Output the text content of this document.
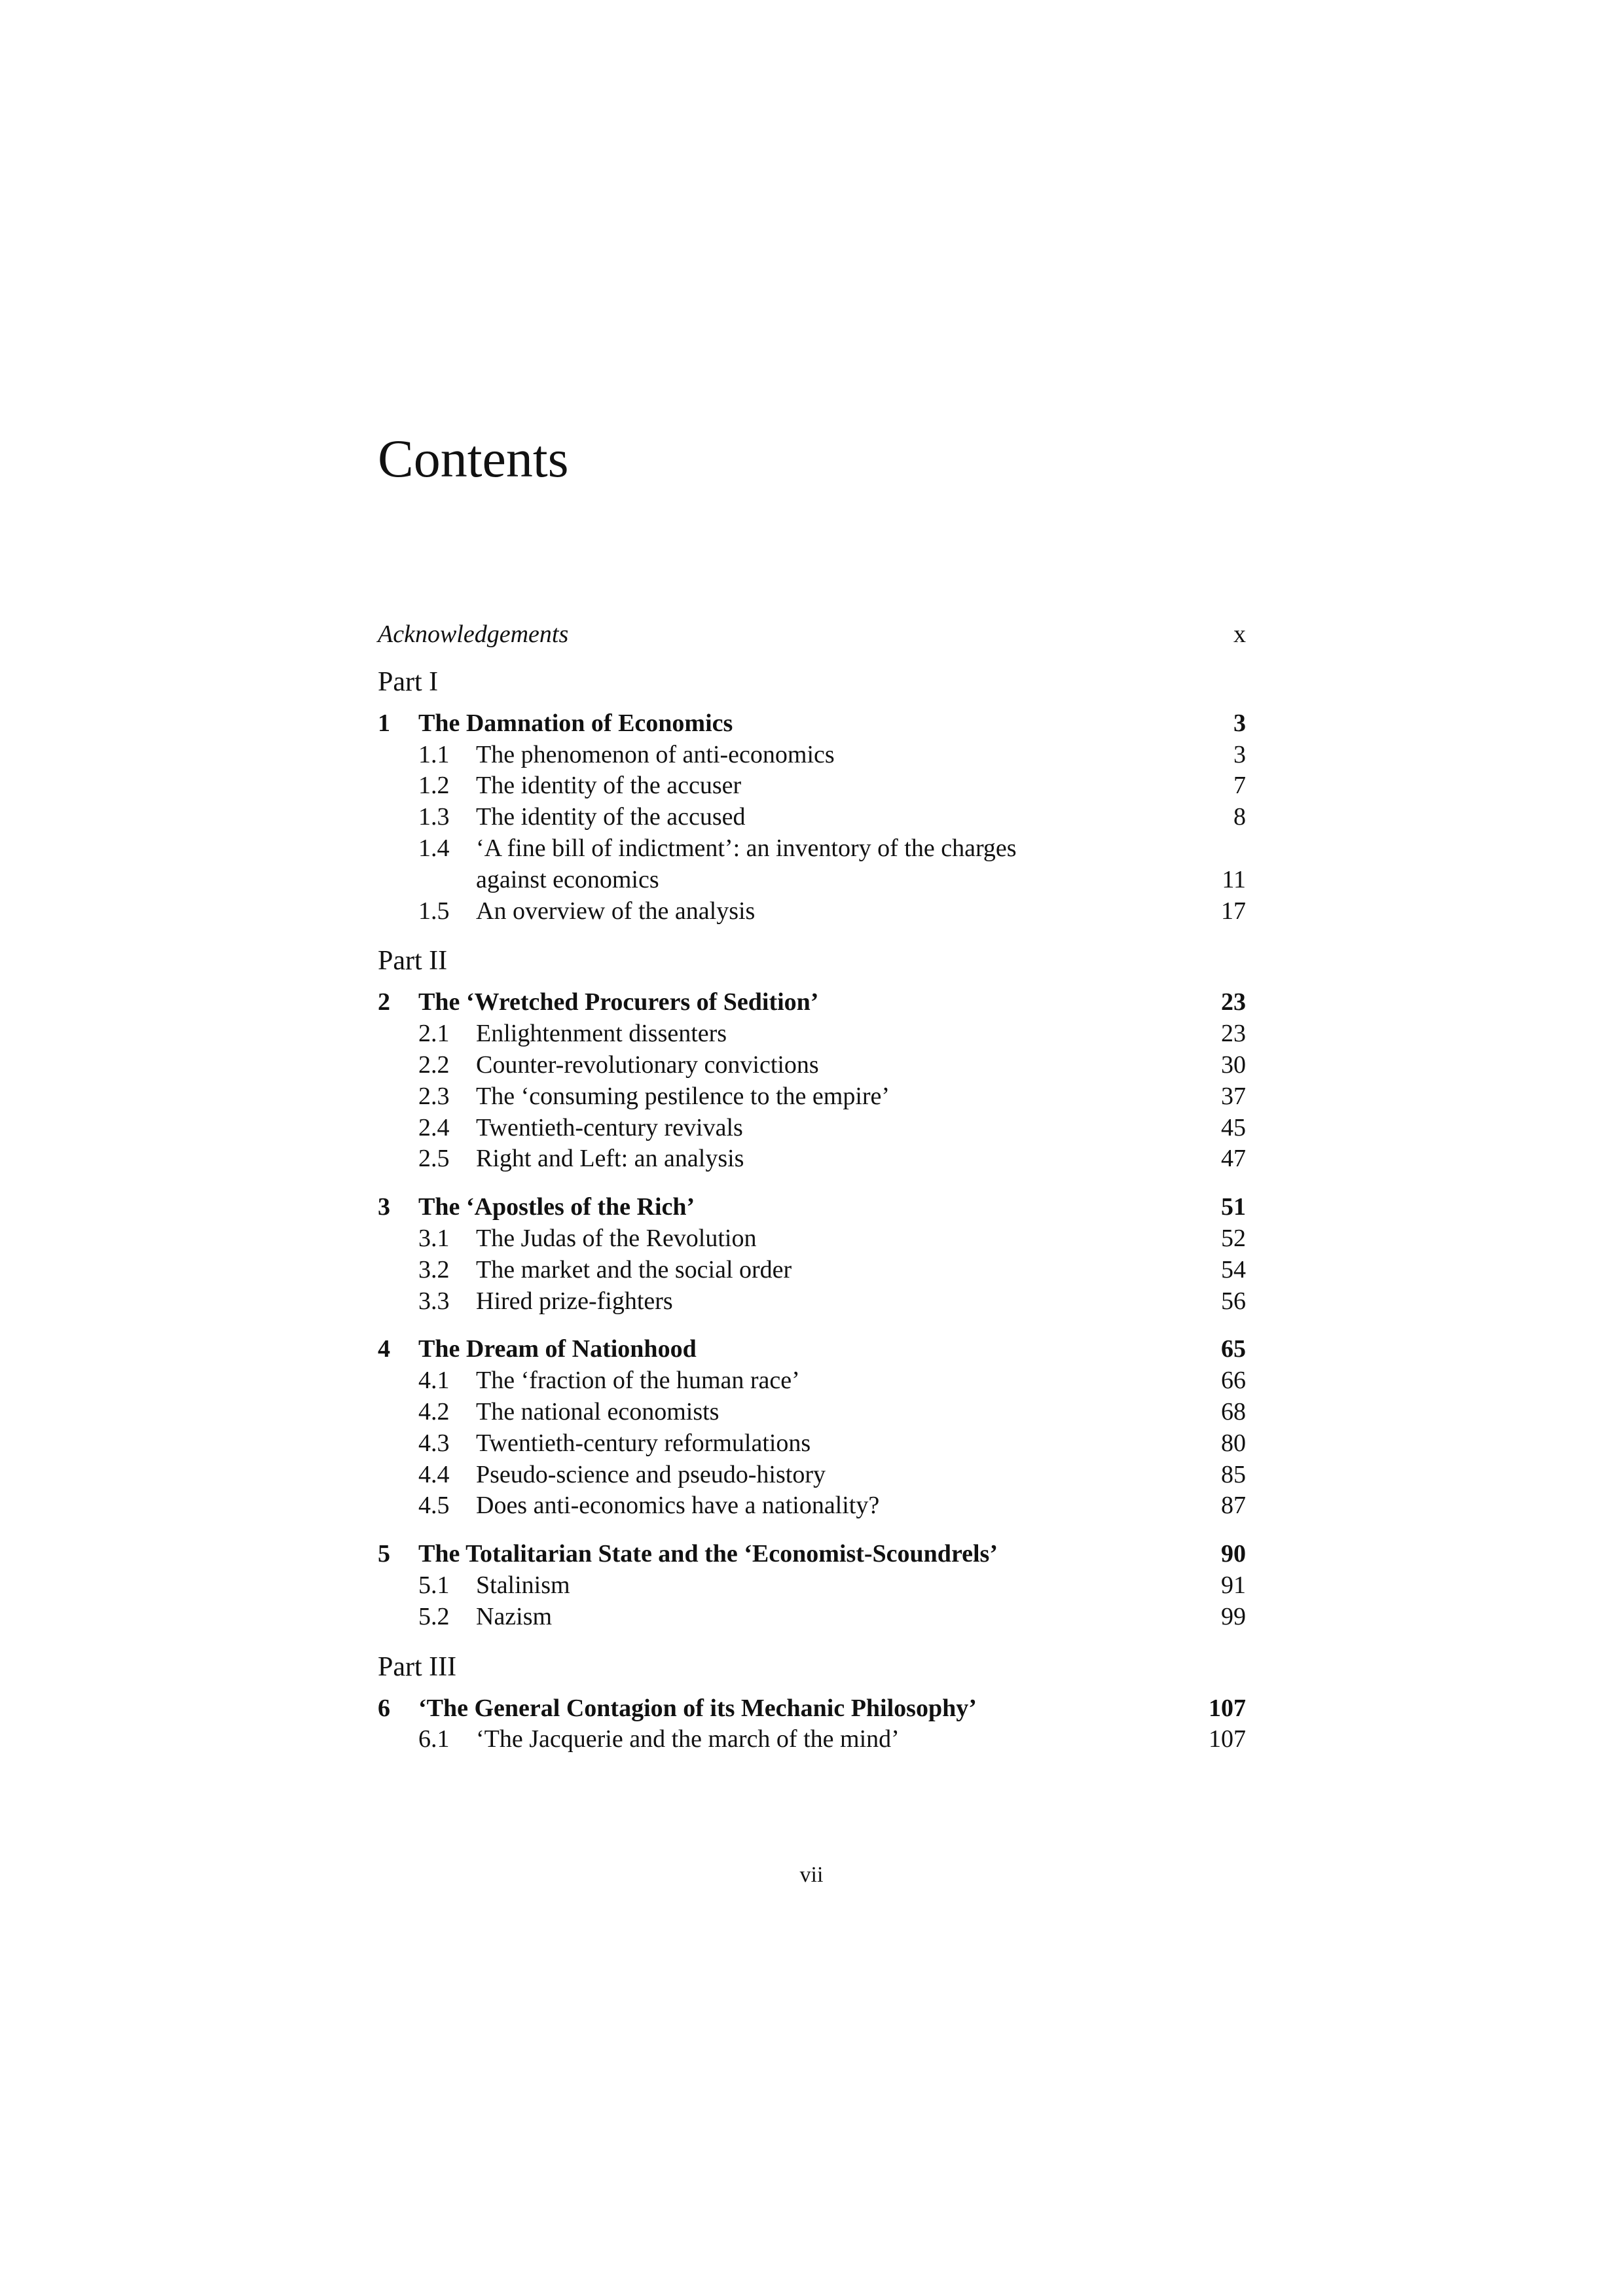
Contents
Acknowledgements	x
Part I
1 The Damnation of Economics	3
1.1 The phenomenon of anti-economics	3
1.2 The identity of the accuser	7
1.3 The identity of the accused	8
1.4 ‘A fine bill of indictment’: an inventory of the charges against economics	11
1.5 An overview of the analysis	17
Part II
2 The ‘Wretched Procurers of Sedition’	23
2.1 Enlightenment dissenters	23
2.2 Counter-revolutionary convictions	30
2.3 The ‘consuming pestilence to the empire’	37
2.4 Twentieth-century revivals	45
2.5 Right and Left: an analysis	47
3 The ‘Apostles of the Rich’	51
3.1 The Judas of the Revolution	52
3.2 The market and the social order	54
3.3 Hired prize-fighters	56
4 The Dream of Nationhood	65
4.1 The ‘fraction of the human race’	66
4.2 The national economists	68
4.3 Twentieth-century reformulations	80
4.4 Pseudo-science and pseudo-history	85
4.5 Does anti-economics have a nationality?	87
5 The Totalitarian State and the ‘Economist-Scoundrels’	90
5.1 Stalinism	91
5.2 Nazism	99
Part III
6 ‘The General Contagion of its Mechanic Philosophy’	107
6.1 ‘The Jacquerie and the march of the mind’	107
vii
